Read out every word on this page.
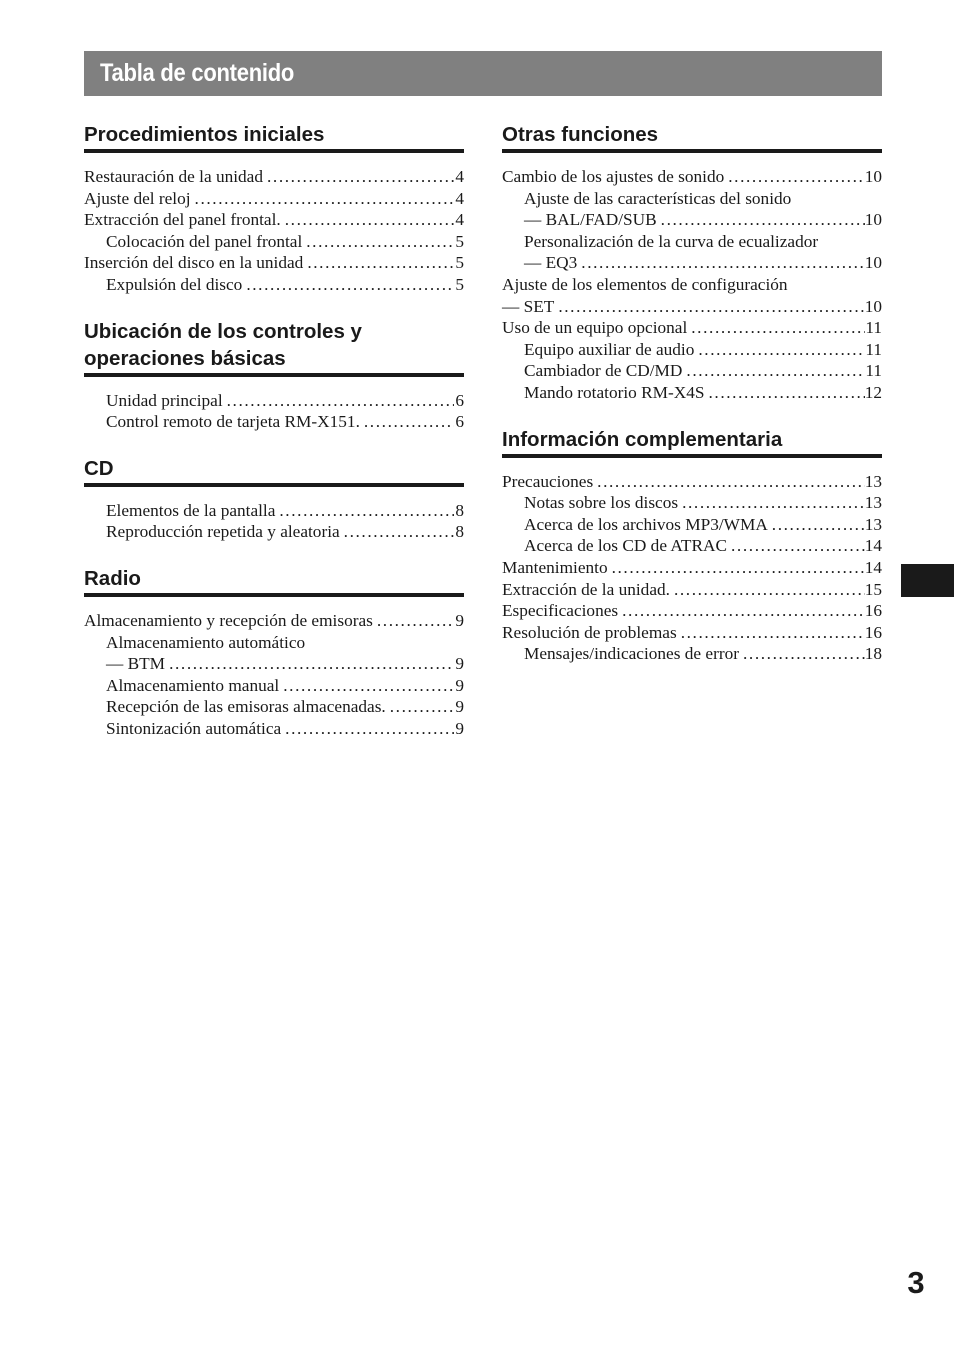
Tabla de contenido
Procedimientos iniciales
Restauración de la unidad .....	4
Ajuste del reloj .....	4
Extracción del panel frontal. .....	4
Colocación del panel frontal .....	5
Inserción del disco en la unidad .....	5
Expulsión del disco .....	5
Ubicación de los controles y operaciones básicas
Unidad principal .....	6
Control remoto de tarjeta RM-X151. .....	6
CD
Elementos de la pantalla .....	8
Reproducción repetida y aleatoria .....	8
Radio
Almacenamiento y recepción de emisoras .....	9
Almacenamiento automático
— BTM .....	9
Almacenamiento manual .....	9
Recepción de las emisoras almacenadas. .....	9
Sintonización automática .....	9
Otras funciones
Cambio de los ajustes de sonido .....	10
Ajuste de las características del sonido
— BAL/FAD/SUB .....	10
Personalización de la curva de ecualizador
— EQ3 .....	10
Ajuste de los elementos de configuración
— SET .....	10
Uso de un equipo opcional .....	11
Equipo auxiliar de audio .....	11
Cambiador de CD/MD .....	11
Mando rotatorio RM-X4S .....	12
Información complementaria
Precauciones .....	13
Notas sobre los discos .....	13
Acerca de los archivos MP3/WMA .....	13
Acerca de los CD de ATRAC .....	14
Mantenimiento .....	14
Extracción de la unidad. .....	15
Especificaciones .....	16
Resolución de problemas .....	16
Mensajes/indicaciones de error .....	18
3
